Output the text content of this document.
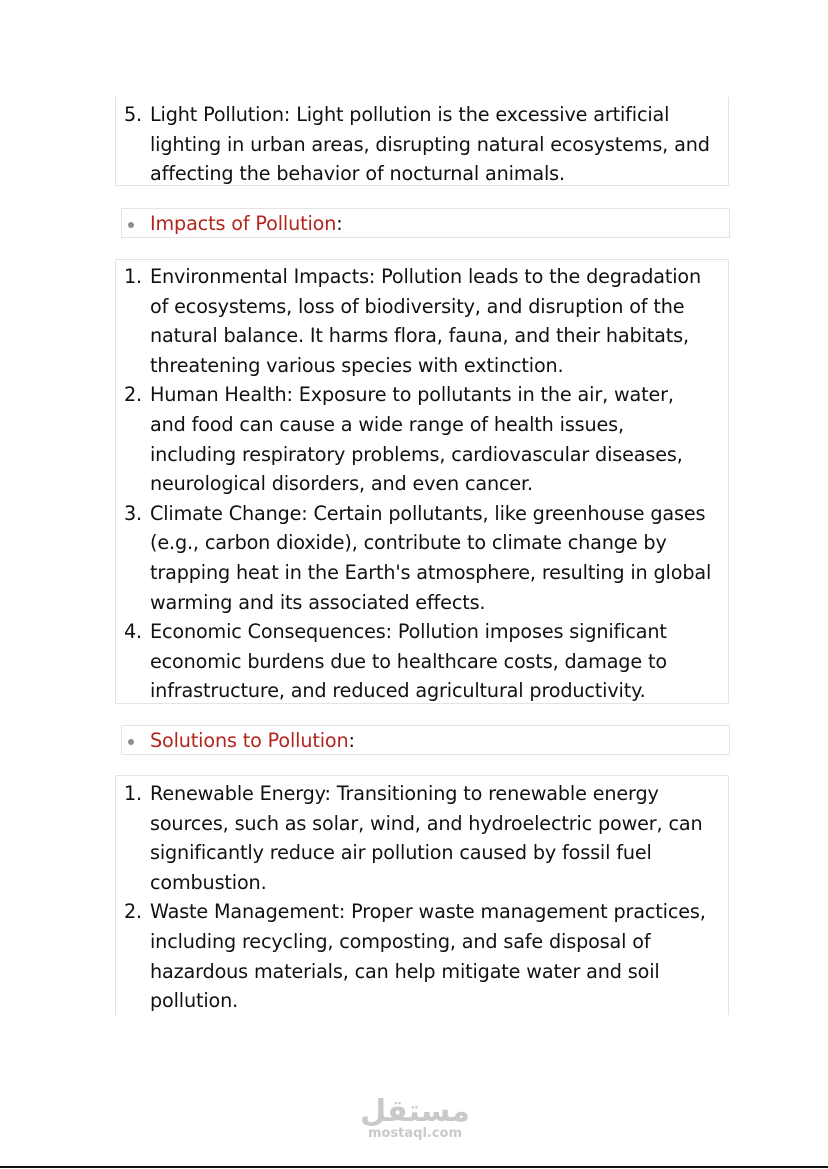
5. Light Pollution: Light pollution is the excessive artificial
lighting in urban areas, disrupting natural ecosystems, and
affecting the behavior of nocturnal animals.
Impacts of Pollution:
1. Environmental Impacts: Pollution leads to the degradation
of ecosystems, loss of biodiversity, and disruption of the
natural balance. It harms flora, fauna, and their habitats,
threatening various species with extinction.
2. Human Health: Exposure to pollutants in the air, water,
and food can cause a wide range of health issues,
including respiratory problems, cardiovascular diseases,
neurological disorders, and even cancer.
3. Climate Change: Certain pollutants, like greenhouse gases
(e.g., carbon dioxide), contribute to climate change by
trapping heat in the Earth's atmosphere, resulting in global
warming and its associated effects.
4. Economic Consequences: Pollution imposes significant
economic burdens due to healthcare costs, damage to
infrastructure, and reduced agricultural productivity.
Solutions to Pollution:
1. Renewable Energy: Transitioning to renewable energy
sources, such as solar, wind, and hydroelectric power, can
significantly reduce air pollution caused by fossil fuel
combustion.
2. Waste Management: Proper waste management practices,
including recycling, composting, and safe disposal of
hazardous materials, can help mitigate water and soil
pollution.
مستقل
mostaql.com
